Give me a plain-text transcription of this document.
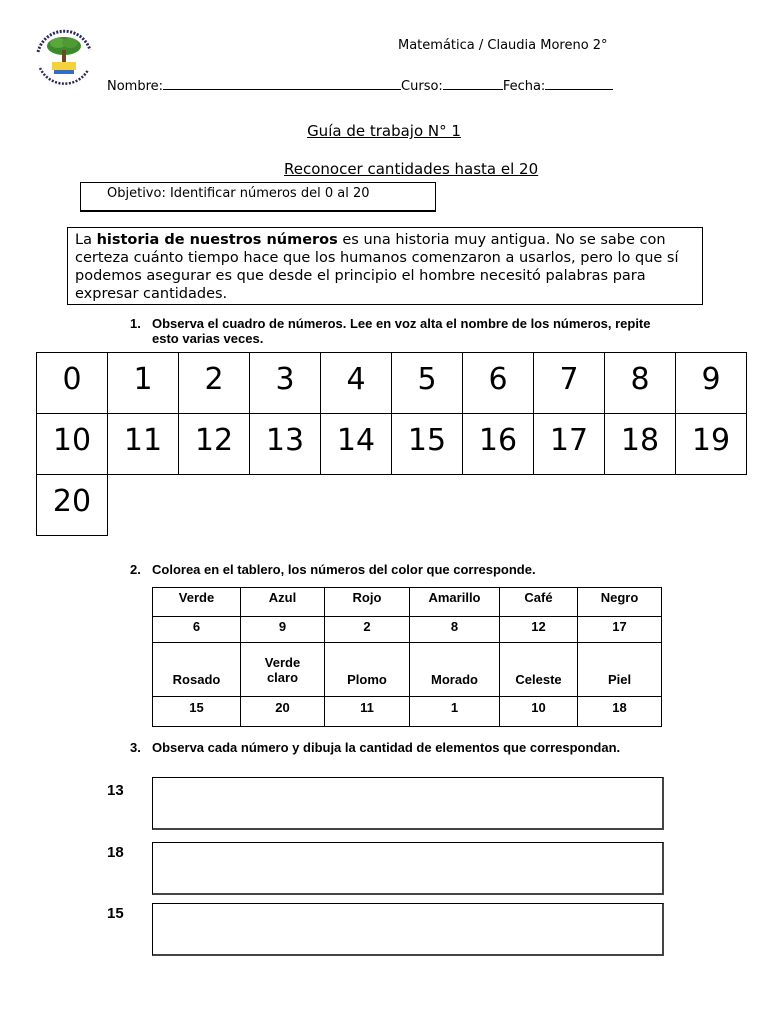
Matemática / Claudia Moreno 2°
Nombre:	Curso:	Fecha:
Guía de trabajo N° 1
Reconocer cantidades hasta el 20
Objetivo: Identificar números del 0 al 20
La historia de nuestros números es una historia muy antigua. No se sabe con certeza cuánto tiempo hace que los humanos comenzaron a usarlos, pero lo que sí podemos asegurar es que desde el principio el hombre necesitó palabras para expresar cantidades.
1. Observa el cuadro de números. Lee en voz alta el nombre de los números, repite esto varias veces.
0	1	2	3	4	5	6	7	8	9
10	11	12	13	14	15	16	17	18	19
20									
2. Colorea en el tablero, los números del color que corresponde.
Verde	Azul	Rojo	Amarillo	Café	Negro
6	9	2	8	12	17
Rosado	Verde claro	Plomo	Morado	Celeste	Piel
15	20	11	1	10	18
3. Observa cada número y dibuja la cantidad de elementos que correspondan.
13
18
15
